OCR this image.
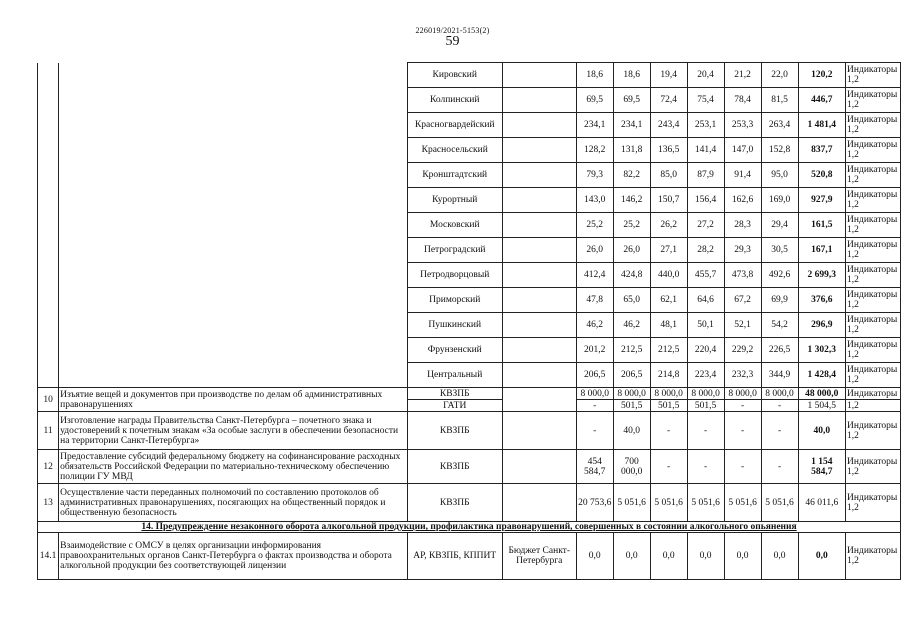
226019/2021-5153(2)
59
		Кировский		18,6	18,6	19,4	20,4	21,2	22,0	120,2	Индикаторы 1,2
		Колпинский		69,5	69,5	72,4	75,4	78,4	81,5	446,7	Индикаторы 1,2
		Красногвардейский		234,1	234,1	243,4	253,1	253,3	263,4	1 481,4	Индикаторы 1,2
		Красносельский		128,2	131,8	136,5	141,4	147,0	152,8	837,7	Индикаторы 1,2
		Кронштадтский		79,3	82,2	85,0	87,9	91,4	95,0	520,8	Индикаторы 1,2
		Курортный		143,0	146,2	150,7	156,4	162,6	169,0	927,9	Индикаторы 1,2
		Московский		25,2	25,2	26,2	27,2	28,3	29,4	161,5	Индикаторы 1,2
		Петроградский		26,0	26,0	27,1	28,2	29,3	30,5	167,1	Индикаторы 1,2
		Петродворцовый		412,4	424,8	440,0	455,7	473,8	492,6	2 699,3	Индикаторы 1,2
		Приморский		47,8	65,0	62,1	64,6	67,2	69,9	376,6	Индикаторы 1,2
		Пушкинский		46,2	46,2	48,1	50,1	52,1	54,2	296,9	Индикаторы 1,2
		Фрунзенский		201,2	212,5	212,5	220,4	229,2	226,5	1 302,3	Индикаторы 1,2
		Центральный		206,5	206,5	214,8	223,4	232,3	344,9	1 428,4	Индикаторы 1,2
10	Изъятие вещей и документов при производстве по делам об административных правонарушениях	КВЗПБ		8 000,0	8 000,0	8 000,0	8 000,0	8 000,0	8 000,0	48 000,0	Индикаторы
		ГАТИ		-	501,5	501,5	501,5	-	-	1 504,5	1,2
11	Изготовление награды Правительства Санкт-Петербурга – почетного знака и удостоверений к почетным знакам «За особые заслуги в обеспечении безопасности на территории Санкт-Петербурга»	КВЗПБ		-	40,0	-	-	-	-	40,0	Индикаторы 1,2
12	Предоставление субсидий федеральному бюджету на софинансирование расходных обязательств Российской Федерации по материально-техническому обеспечению полиции ГУ МВД	КВЗПБ		454 584,7	700 000,0	-	-	-	-	1 154 584,7	Индикаторы 1,2
13	Осуществление части переданных полномочий по составлению протоколов об административных правонарушениях, посягающих на общественный порядок и общественную безопасность	КВЗПБ		20 753,6	5 051,6	5 051,6	5 051,6	5 051,6	5 051,6	46 011,6	Индикаторы 1,2
14. Предупреждение незаконного оборота алкогольной продукции, профилактика правонарушений, совершенных в состоянии алкогольного опьянения											
14.1	Взаимодействие с ОМСУ в целях организации информирования правоохранительных органов Санкт-Петербурга о фактах производства и оборота алкогольной продукции без соответствующей лицензии	АР, КВЗПБ, КППИТ	Бюджет Санкт-Петербурга	0,0	0,0	0,0	0,0	0,0	0,0	0,0	Индикаторы 1,2
